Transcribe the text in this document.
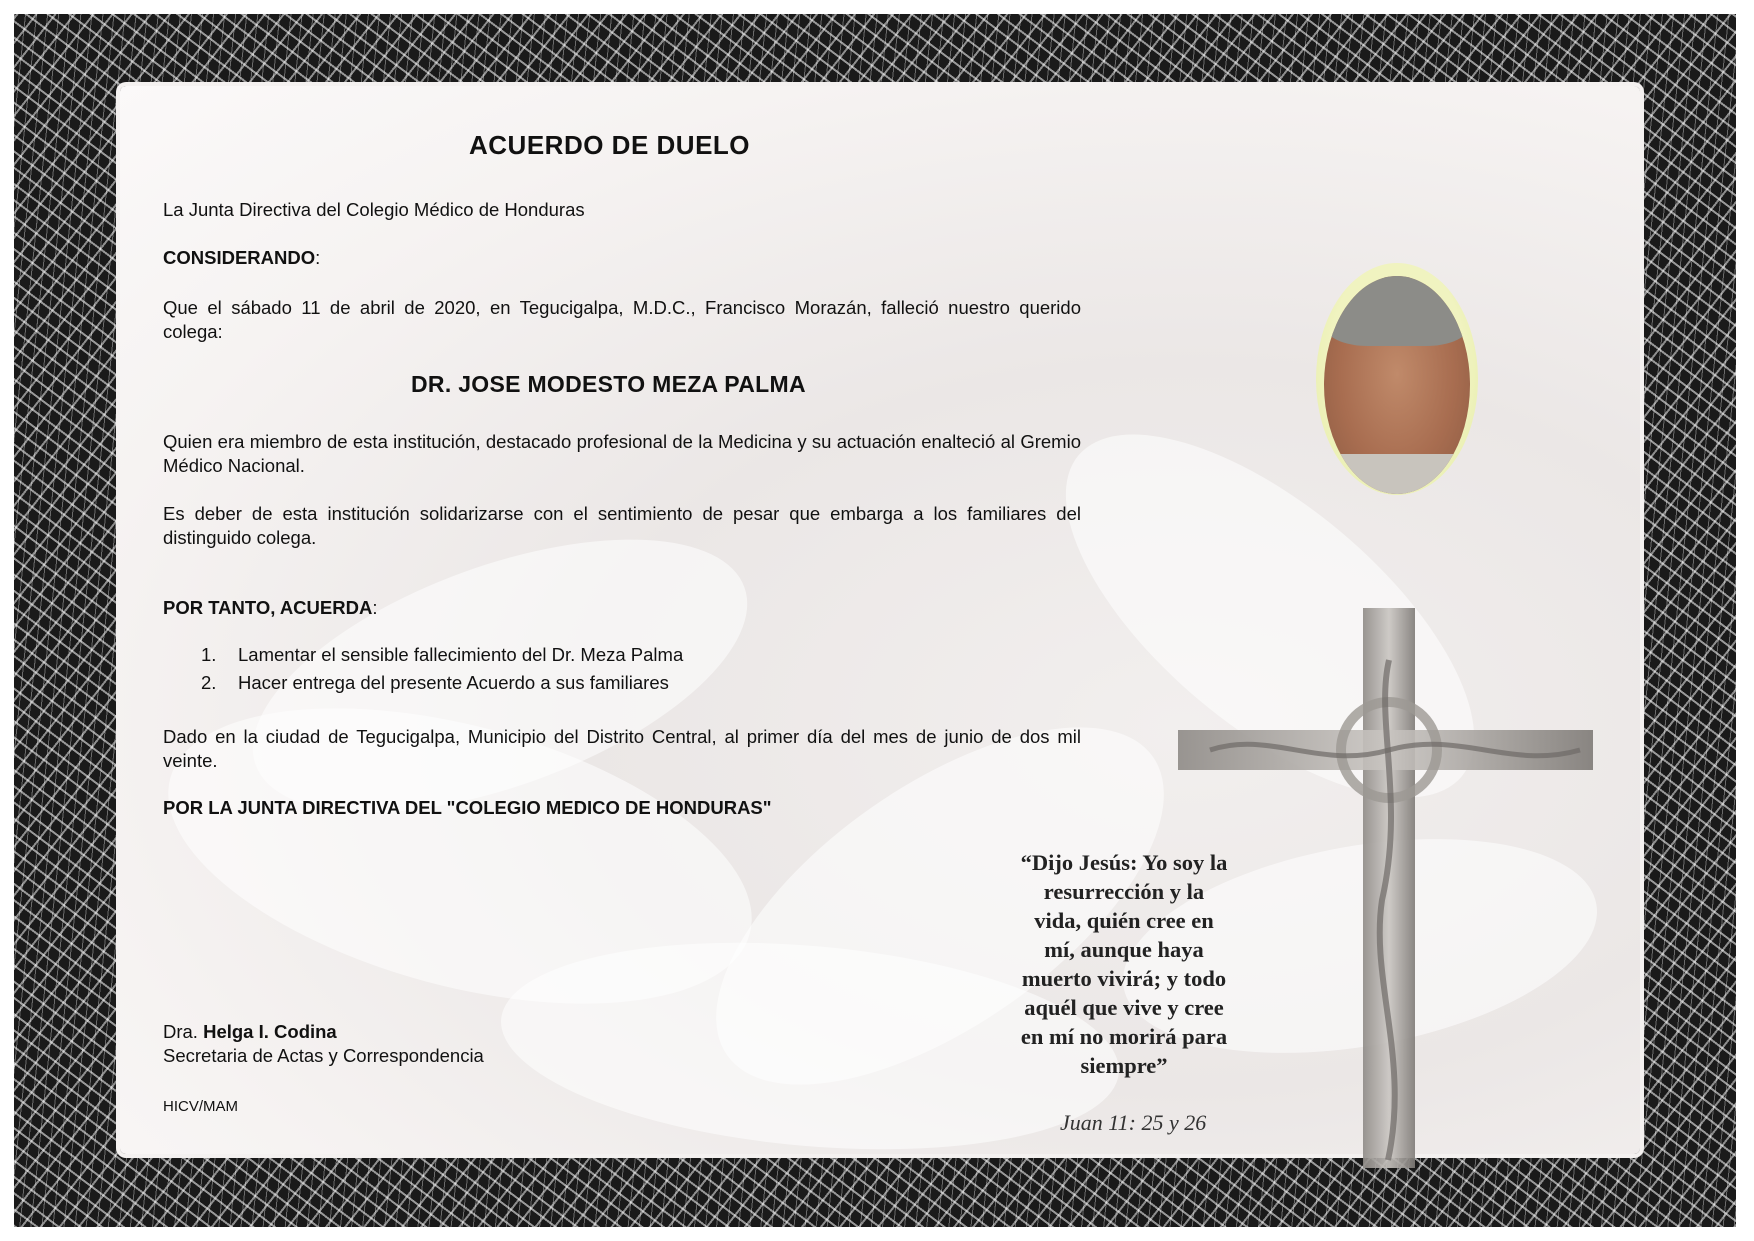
ACUERDO DE DUELO
La Junta Directiva del Colegio Médico de Honduras
CONSIDERANDO:
Que el sábado 11 de abril de 2020, en Tegucigalpa, M.D.C., Francisco Morazán, falleció nuestro querido colega:
DR. JOSE MODESTO MEZA PALMA
Quien era miembro de esta institución, destacado profesional de la Medicina y su actuación enalteció al Gremio Médico Nacional.
Es deber de esta institución solidarizarse con el sentimiento de pesar que embarga a los familiares del distinguido colega.
POR TANTO, ACUERDA:
1. Lamentar el sensible fallecimiento del Dr. Meza Palma
2. Hacer entrega del presente Acuerdo a sus familiares
Dado en la ciudad de Tegucigalpa, Municipio del Distrito Central, al primer día del mes de junio de dos mil veinte.
POR LA JUNTA DIRECTIVA DEL "COLEGIO MEDICO DE HONDURAS"
Dra. Helga I. Codina
Secretaria de Actas y Correspondencia
HICV/MAM
“Dijo Jesús: Yo soy la
resurrección y la
vida, quién cree en
mí, aunque haya
muerto vivirá; y todo
aquél que vive y cree
en mí no morirá para
siempre”
Juan 11: 25 y 26
